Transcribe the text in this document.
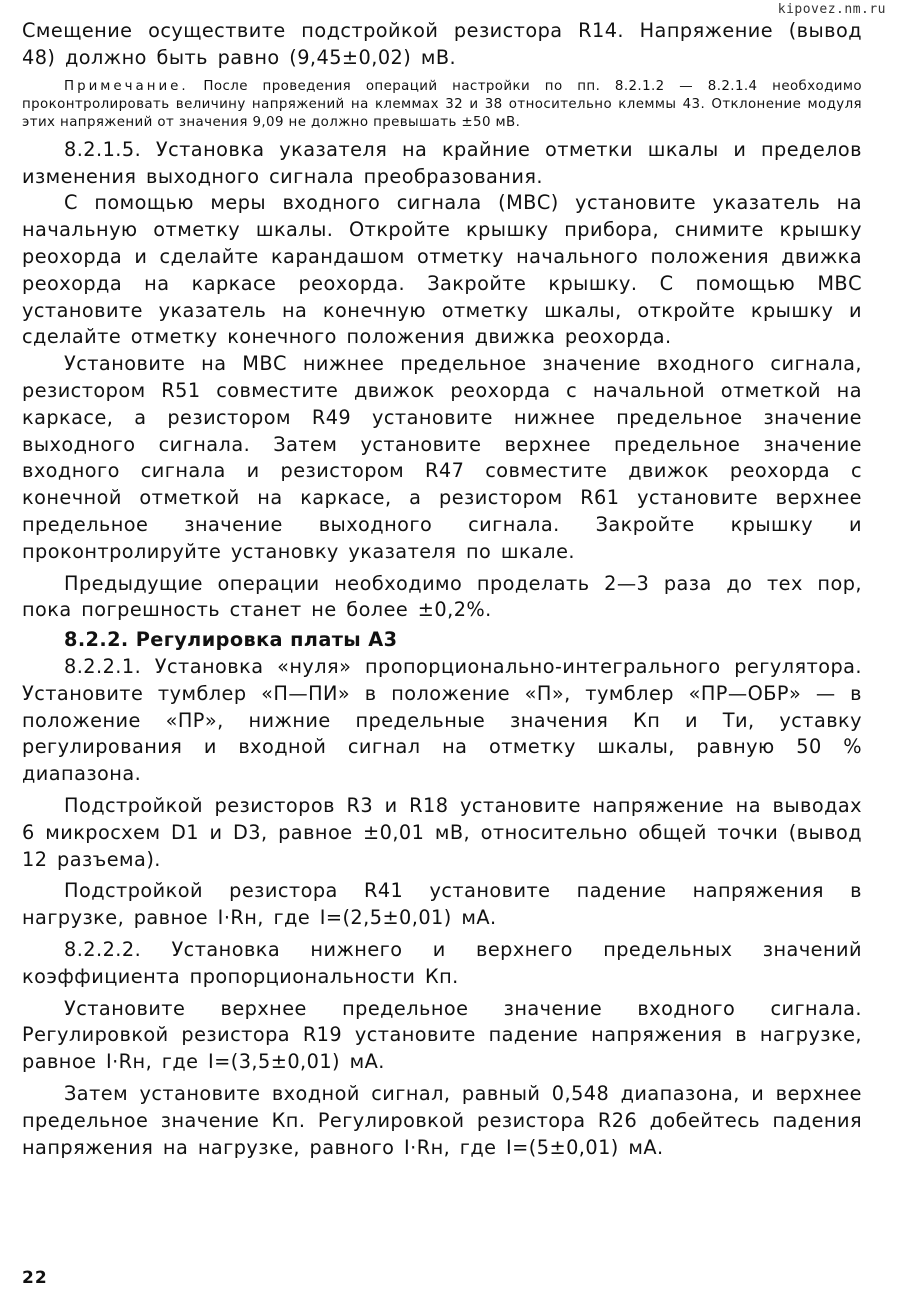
kipovez.nm.ru

Смещение осуществите подстройкой резистора R14. Напряжение (вывод 48) должно быть равно (9,45±0,02) мВ.

Примечание. После проведения операций настройки по пп. 8.2.1.2 — 8.2.1.4 необходимо проконтролировать величину напряжений на клеммах 32 и 38 относительно клеммы 43. Отклонение модуля этих напряжений от значения 9,09 не должно превышать ±50 мВ.

8.2.1.5. Установка указателя на крайние отметки шкалы и пределов изменения выходного сигнала преобразования.

С помощью меры входного сигнала (МВС) установите указатель на начальную отметку шкалы. Откройте крышку прибора, снимите крышку реохорда и сделайте карандашом отметку начального положения движка реохорда на каркасе реохорда. Закройте крышку. С помощью МВС установите указатель на конечную отметку шкалы, откройте крышку и сделайте отметку конечного положения движка реохорда.

Установите на МВС нижнее предельное значение входного сигнала, резистором R51 совместите движок реохорда с начальной отметкой на каркасе, а резистором R49 установите нижнее предельное значение выходного сигнала. Затем установите верхнее предельное значение входного сигнала и резистором R47 совместите движок реохорда с конечной отметкой на каркасе, а резистором R61 установите верхнее предельное значение выходного сигнала. Закройте крышку и проконтролируйте установку указателя по шкале.

Предыдущие операции необходимо проделать 2—3 раза до тех пор, пока погрешность станет не более ±0,2%.

8.2.2. Регулировка платы А3

8.2.2.1. Установка «нуля» пропорционально-интегрального регулятора. Установите тумблер «П—ПИ» в положение «П», тумблер «ПР—ОБР» — в положение «ПР», нижние предельные значения Кп и Ти, уставку регулирования и входной сигнал на отметку шкалы, равную 50 % диапазона.

Подстройкой резисторов R3 и R18 установите напряжение на выводах 6 микросхем D1 и D3, равное ±0,01 мВ, относительно общей точки (вывод 12 разъема).

Подстройкой резистора R41 установите падение напряжения в нагрузке, равное I·Rн, где I=(2,5±0,01) мА.

8.2.2.2. Установка нижнего и верхнего предельных значений коэффициента пропорциональности Кп.

Установите верхнее предельное значение входного сигнала. Регулировкой резистора R19 установите падение напряжения в нагрузке, равное I·Rн, где I=(3,5±0,01) мА.

Затем установите входной сигнал, равный 0,548 диапазона, и верхнее предельное значение Кп. Регулировкой резистора R26 добейтесь падения напряжения на нагрузке, равного I·Rн, где I=(5±0,01) мА.

22
